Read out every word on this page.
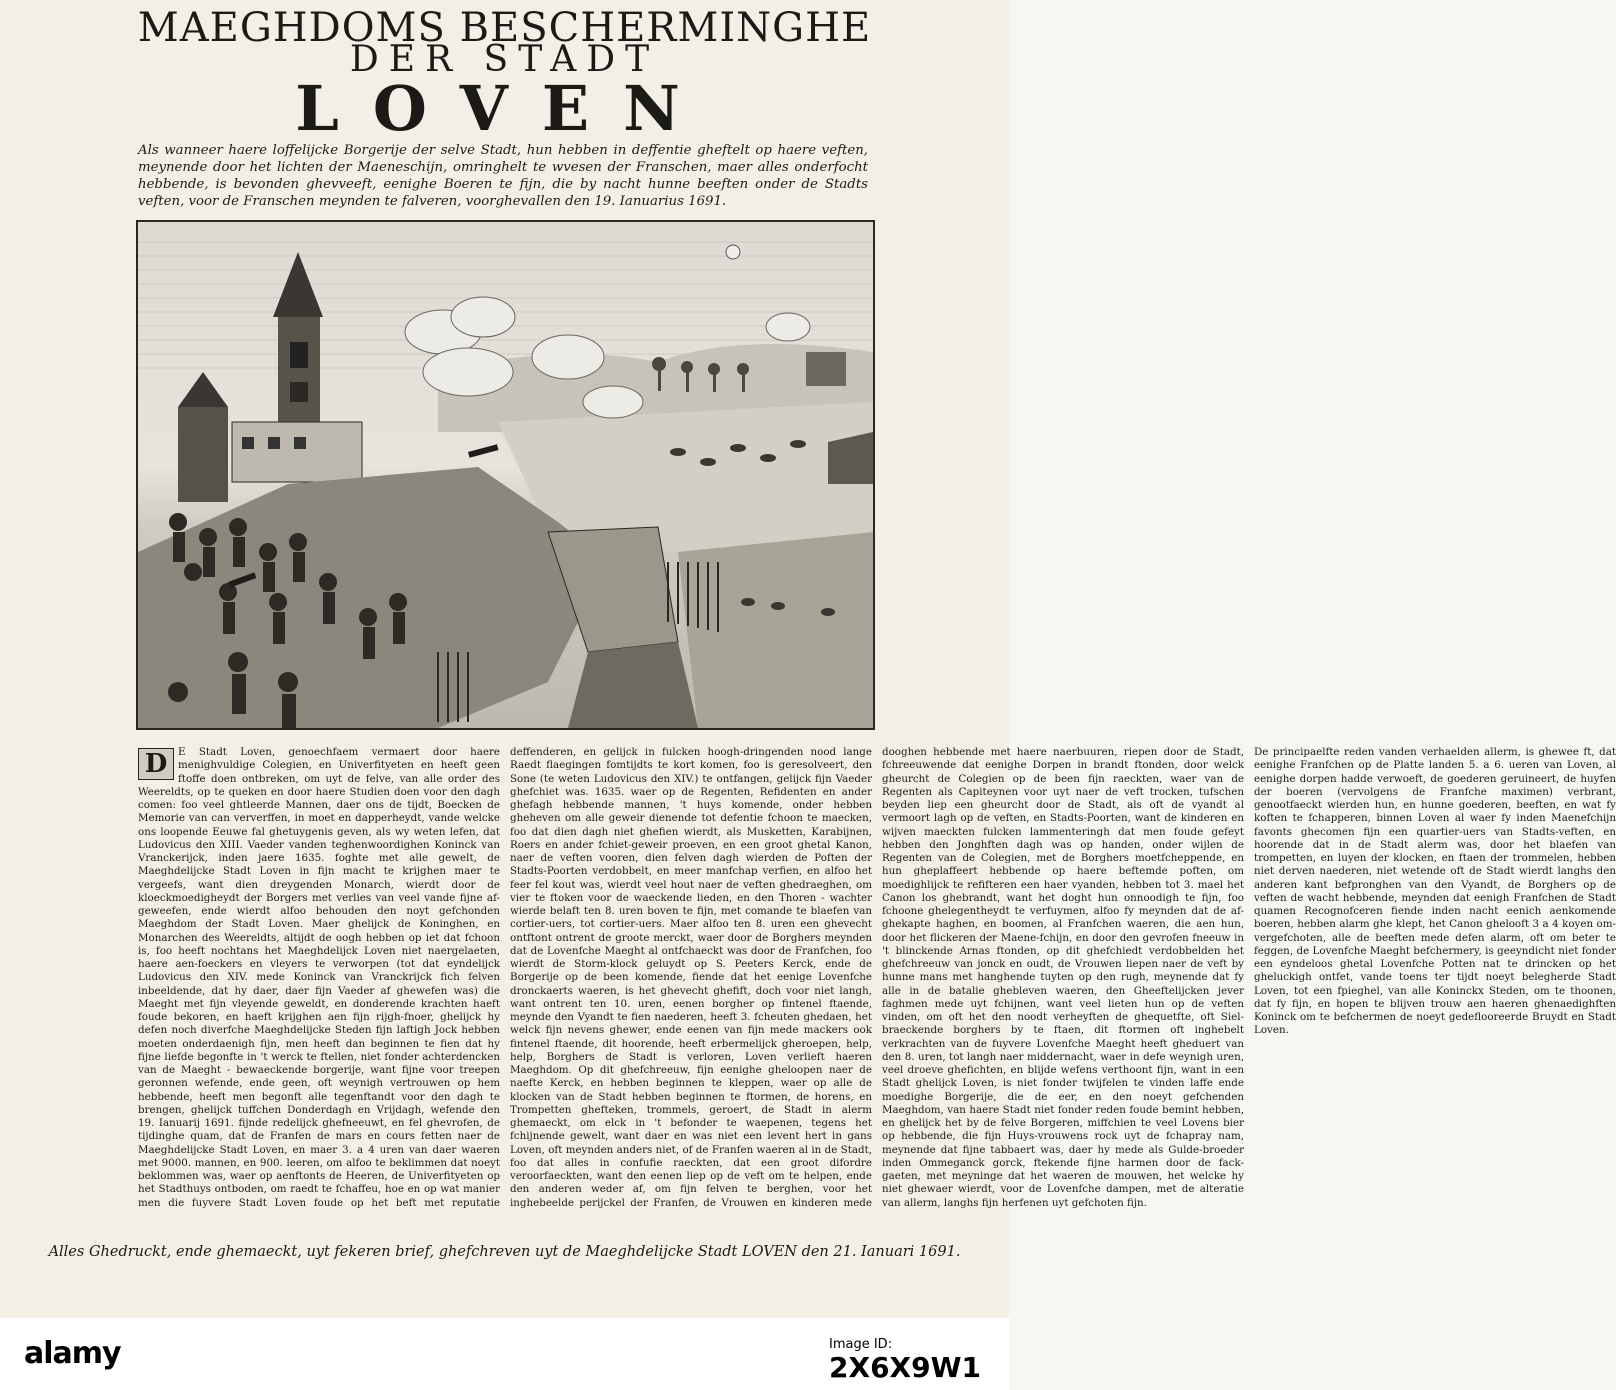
MAEGHDOMS BESCHERMINGHE
DER STADT
LOVEN
Als wanneer haere loffelijcke Borgerije der selve Stadt, hun hebben in deffentie gheftelt op haere veften, meynende door het lichten der Maeneschijn, omringhelt te wvesen der Franschen, maer alles onderfocht hebbende, is bevonden ghevveeft, eenighe Boeren te fijn, die by nacht hunne beeften onder de Stadts veften, voor de Franschen meynden te falveren, voorghevallen den 19. Ianuarius 1691.

D	E Stadt Loven, genoechfaem vermaert door haere menighvuldige Colegien, en Univerfityeten en heeft geen ftoffe doen ontbreken, om uyt de felve, van alle order des Weereldts, op te queken en door haere Studien doen voor den dagh comen: foo veel ghtleerde Mannen, daer ons de tijdt, Boecken de Memorie van can ververffen, in moet en dapperheydt, vande welcke ons loopende Eeuwe fal ghetuygenis geven, als wy weten lefen, dat Ludovicus den XIII. Vaeder vanden teghenwoordighen Koninck van Vranckerijck, inden jaere 1635. foghte met alle gewelt, de Maeghdelijcke Stadt Loven in fijn macht te krijghen maer te vergeefs, want dien dreygenden Monarch, wierdt door de kloeckmoedigheydt der Borgers met verlies van veel vande fijne af-geweefen, ende wierdt alfoo behouden den noyt gefchonden Maeghdom der Stadt Loven. Maer ghelijck de Koninghen, en Monarchen des Weereldts, altijdt de oogh hebben op iet dat fchoon is, foo heeft nochtans het Maeghdelijck Loven niet naergelaeten, haere aen-foeckers en vleyers te verworpen (tot dat eyndelijck Ludovicus den XIV. mede Koninck van Vranckrijck fich felven inbeeldende, dat hy daer, daer fijn Vaeder af ghewefen was) die Maeght met fijn vleyende geweldt, en donderende krachten haeft foude bekoren, en haeft krijghen aen fijn rijgh-fnoer, ghelijck hy defen noch diverfche Maeghdelijcke Steden fijn laftigh Jock hebben moeten onderdaenigh fijn, men heeft dan beginnen te fien dat hy fijne liefde begonfte in 't werck te ftellen, niet fonder achterdencken van de Maeght - bewaeckende borgerije, want fijne voor treepen geronnen wefende, ende geen, oft weynigh vertrouwen op hem hebbende, heeft men begonft alle tegenftandt voor den dagh te brengen, ghelijck tuffchen Donderdagh en Vrijdagh, wefende den 19. Ianuarij 1691. fijnde redelijck ghefneeuwt, en fel ghevrofen, de tijdinghe quam, dat de Franfen de mars en cours fetten naer de Maeghdelijcke Stadt Loven, en maer 3. a 4 uren van daer waeren met 9000. mannen, en 900. leeren, om alfoo te beklimmen dat noeyt beklommen was, waer op aenftonts de Heeren, de Univerfityeten op het Stadthuys ontboden, om raedt te fchaffeu, hoe en op wat manier men die fuyvere Stadt Loven foude op het beft met reputatie deffenderen, en gelijck in fulcken hoogh-dringenden nood lange Raedt flaegingen fomtijdts te kort komen, foo is geresolveert, den Sone (te weten Ludovicus den XIV.) te ontfangen, gelijck fijn Vaeder ghefchiet was. 1635. waer op de Regenten, Refidenten en ander ghefagh hebbende mannen, 't huys komende, onder hebben gheheven om alle geweir dienende tot defentie fchoon te maecken, foo dat dien dagh niet ghefien wierdt, als Musketten, Karabijnen, Roers en ander fchiet-geweir proeven, en een groot ghetal Kanon, naer de veften vooren, dien felven dagh wierden de Poften der Stadts-Poorten verdobbelt, en meer manfchap verfien, en alfoo het feer fel kout was, wierdt veel hout naer de veften ghedraeghen, om vier te ftoken voor de waeckende lieden, en den Thoren - wachter wierde belaft ten 8. uren boven te fijn, met comande te blaefen van cortier-uers, tot cortier-uers. Maer alfoo ten 8. uren een ghevecht ontftont ontrent de groote merckt, waer door de Borghers meynden dat de Lovenfche Maeght al ontfchaeckt was door de Franfchen, foo wierdt de Storm-klock geluydt op S. Peeters Kerck, ende de Borgerije op de been komende, fiende dat het eenige Lovenfche dronckaerts waeren, is het ghevecht ghefift, doch voor niet langh, want ontrent ten 10. uren, eenen borgher op fintenel ftaende, meynde den Vyandt te fien naederen, heeft 3. fcheuten ghedaen, het welck fijn nevens ghewer, ende eenen van fijn mede mackers ook fintenel ftaende, dit hoorende, heeft erbermelijck gheroepen, help, help, Borghers de Stadt is verloren, Loven verlieft haeren Maeghdom. Op dit ghefchreeuw, fijn eenighe gheloopen naer de naefte Kerck, en hebben beginnen te kleppen, waer op alle de klocken van de Stadt hebben beginnen te ftormen, de horens, en Trompetten ghefteken, trommels, geroert, de Stadt in alerm ghemaeckt, om elck in 't befonder te waepenen, tegens het fchijnende gewelt, want daer en was niet een levent hert in gans Loven, oft meynden anders niet, of de Franfen waeren al in de Stadt, foo dat alles in confufie raeckten, dat een groot difordre veroorfaeckten, want den eenen liep op de veft om te helpen, ende den anderen weder af, om fijn felven te berghen, voor het inghebeelde perijckel der Franfen, de Vrouwen en kinderen mede dooghen hebbende met haere naerbuuren, riepen door de Stadt, fchreeuwende dat eenighe Dorpen in brandt ftonden, door welck gheurcht de Colegien op de been fijn raeckten, waer van de Regenten als Capiteynen voor uyt naer de veft trocken, tufschen beyden liep een gheurcht door de Stadt, als oft de vyandt al vermoort lagh op de veften, en Stadts-Poorten, want de kinderen en wijven maeckten fulcken lammenteringh dat men foude gefeyt hebben den Jonghften dagh was op handen, onder wijlen de Regenten van de Colegien, met de Borghers moetfcheppende, en hun gheplaffeert hebbende op haere beftemde poften, om moedighlijck te refifteren een haer vyanden, hebben tot 3. mael het Canon los ghebrandt, want het doght hun onnoodigh te fijn, foo fchoone ghelegentheydt te verfuymen, alfoo fy meynden dat de af-ghekapte haghen, en boomen, al Franfchen waeren, die aen hun, door het flickeren der Maene-fchijn, en door den gevrofen fneeuw in 't blinckende Arnas ftonden, op dit ghefchiedt verdobbelden het ghefchreeuw van jonck en oudt, de Vrouwen liepen naer de veft by hunne mans met hanghende tuyten op den rugh, meynende dat fy alle in de batalie ghebleven waeren, den Gheeftelijcken jever faghmen mede uyt fchijnen, want veel lieten hun op de veften vinden, om oft het den noodt verheyften de ghequetfte, oft Siel-braeckende borghers by te ftaen, dit ftormen oft inghebelt verkrachten van de fuyvere Lovenfche Maeght heeft gheduert van den 8. uren, tot langh naer middernacht, waer in defe weynigh uren, veel droeve ghefichten, en blijde wefens verthoont fijn, want in een Stadt ghelijck Loven, is niet fonder twijfelen te vinden laffe ende moedighe Borgerije, die de eer, en den noeyt gefchenden Maeghdom, van haere Stadt niet fonder reden foude bemint hebben, en ghelijck het by de felve Borgeren, miffchien te veel Lovens bier op hebbende, die fijn Huys-vrouwens rock uyt de fchapray nam, meynende dat fijne tabbaert was, daer hy mede als Gulde-broeder inden Ommeganck gorck, ftekende fijne harmen door de fack-gaeten, met meyninge dat het waeren de mouwen, het welcke hy niet ghewaer wierdt, voor de Lovenfche dampen, met de alteratie van allerm, langhs fijn herfenen uyt gefchoten fijn.

De principaelfte reden vanden verhaelden allerm, is ghewee ft, dat eenighe Franfchen op de Platte landen 5. a 6. ueren van Loven, al eenighe dorpen hadde verwoeft, de goederen geruineert, de huyfen der boeren (vervolgens de Franfche maximen) verbrant, genootfaeckt wierden hun, en hunne goederen, beeften, en wat fy koften te fchapperen, binnen Loven al waer fy inden Maenefchijn favonts ghecomen fijn een quartier-uers van Stadts-veften, en hoorende dat in de Stadt alerm was, door het blaefen van trompetten, en luyen der klocken, en ftaen der trommelen, hebben niet derven naederen, niet wetende oft de Stadt wierdt langhs den anderen kant befpronghen van den Vyandt, de Borghers op de veften de wacht hebbende, meynden dat eenigh Franfchen de Stadt quamen Recognofceren fiende inden nacht eenich aenkomende boeren, hebben alarm ghe klept, het Canon ghelooft 3 a 4 koyen om-vergefchoten, alle de beeften mede defen alarm, oft om beter te feggen, de Lovenfche Maeght befchermery, is geeyndicht niet fonder een eyndeloos ghetal Lovenfche Potten nat te drincken op het gheluckigh ontfet, vande toens ter tijdt noeyt belegherde Stadt Loven, tot een fpieghel, van alle Koninckx Steden, om te thoonen, dat fy fijn, en hopen te blijven trouw aen haeren ghenaedighften Koninck om te befchermen de noeyt gedeflooreerde Bruydt en Stadt Loven.

Alles Ghedruckt, ende ghemaeckt, uyt fekeren brief, ghefchreven uyt de Maeghdelijcke Stadt LOVEN den 21. Ianuari 1691.
alamy	Image ID:
2X6X9W1
